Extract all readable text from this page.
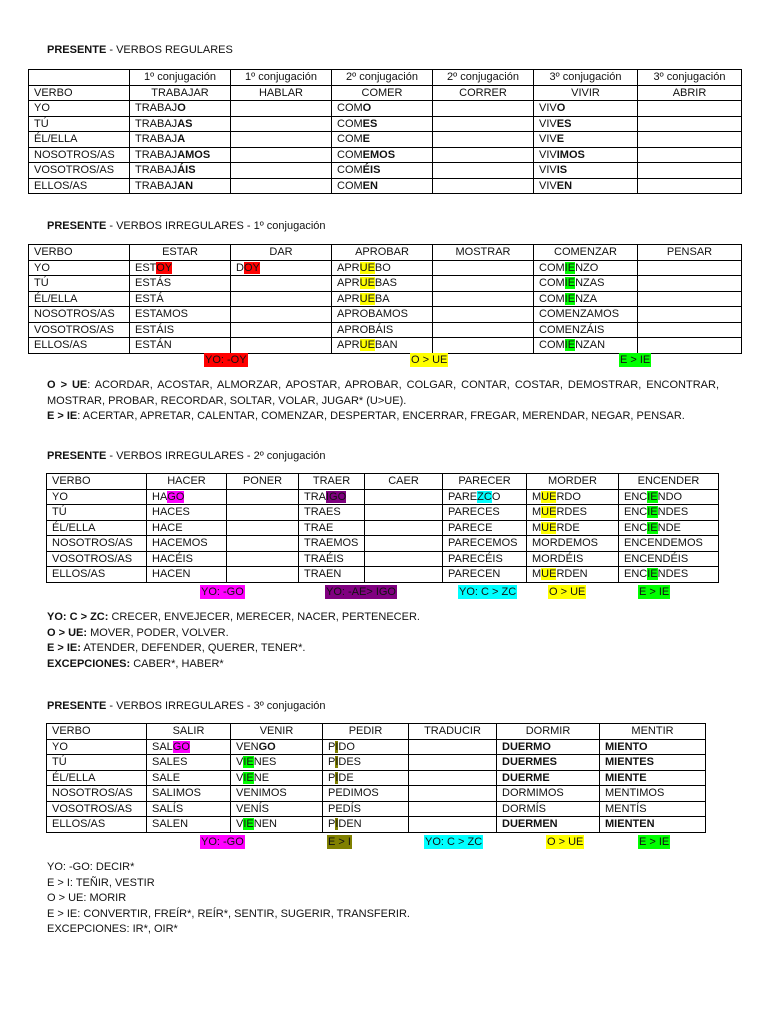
PRESENTE - VERBOS REGULARES
	1º conjugación	1º conjugación	2º conjugación	2º conjugación	3º conjugación	3º conjugación
VERBO	TRABAJAR	HABLAR	COMER	CORRER	VIVIR	ABRIR
YO	TRABAJO		COMO		VIVO	
TÚ	TRABAJAS		COMES		VIVES	
ÉL/ELLA	TRABAJA		COME		VIVE	
NOSOTROS/AS	TRABAJAMOS		COMEMOS		VIVIMOS	
VOSOTROS/AS	TRABAJÁIS		COMÉIS		VIVIS	
ELLOS/AS	TRABAJAN		COMEN		VIVEN	
PRESENTE - VERBOS IRREGULARES - 1º conjugación
VERBO	ESTAR	DAR	APROBAR	MOSTRAR	COMENZAR	PENSAR
YO	ESTOY	DOY	APRUEBO		COMIENZO	
TÚ	ESTÁS		APRUEBAS		COMIENZAS	
ÉL/ELLA	ESTÁ		APRUEBA		COMIENZA	
NOSOTROS/AS	ESTAMOS		APROBAMOS		COMENZAMOS	
VOSOTROS/AS	ESTÁIS		APROBÁIS		COMENZÁIS	
ELLOS/AS	ESTÁN		APRUEBAN		COMIENZAN	
YO: -OY	O > UE	E > IE

O > UE: ACORDAR, ACOSTAR, ALMORZAR, APOSTAR, APROBAR, COLGAR, CONTAR, COSTAR, DEMOSTRAR, ENCONTRAR, MOSTRAR, PROBAR, RECORDAR, SOLTAR, VOLAR, JUGAR* (U>UE).

E > IE: ACERTAR, APRETAR, CALENTAR, COMENZAR, DESPERTAR, ENCERRAR, FREGAR, MERENDAR, NEGAR, PENSAR.

PRESENTE - VERBOS IRREGULARES - 2º conjugación
VERBO	HACER	PONER	TRAER	CAER	PARECER	MORDER	ENCENDER
YO	HAGO		TRAIGO		PAREZCO	MUERDO	ENCIENDO
TÚ	HACES		TRAES		PARECES	MUERDES	ENCIENDES
ÉL/ELLA	HACE		TRAE		PARECE	MUERDE	ENCIENDE
NOSOTROS/AS	HACEMOS		TRAEMOS		PARECEMOS	MORDEMOS	ENCENDEMOS
VOSOTROS/AS	HACÉIS		TRAÉIS		PARECÉIS	MORDÉIS	ENCENDÉIS
ELLOS/AS	HACEN		TRAEN		PARECEN	MUERDEN	ENCIENDES
YO: -GO	YO: -AE> IGO	YO: C > ZC	O > UE	E > IE

YO: C > ZC: CRECER, ENVEJECER, MERECER, NACER, PERTENECER.

O > UE: MOVER, PODER, VOLVER.

E > IE: ATENDER, DEFENDER, QUERER, TENER*.

EXCEPCIONES: CABER*, HABER*

PRESENTE - VERBOS IRREGULARES - 3º conjugación
VERBO	SALIR	VENIR	PEDIR	TRADUCIR	DORMIR	MENTIR
YO	SALGO	VENGO	PIDO		DUERMO	MIENTO
TÚ	SALES	VIENES	PIDES		DUERMES	MIENTES
ÉL/ELLA	SALE	VIENE	PIDE		DUERME	MIENTE
NOSOTROS/AS	SALIMOS	VENIMOS	PEDIMOS		DORMIMOS	MENTIMOS
VOSOTROS/AS	SALÍS	VENÍS	PEDÍS		DORMÍS	MENTÍS
ELLOS/AS	SALEN	VIENEN	PIDEN		DUERMEN	MIENTEN
YO: -GO	E > I	YO: C > ZC	O > UE	E > IE

YO: -GO: DECIR*

E > I: TEÑIR, VESTIR

O > UE: MORIR

E > IE: CONVERTIR, FREÍR*, REÍR*, SENTIR, SUGERIR, TRANSFERIR.

EXCEPCIONES: IR*, OIR*
